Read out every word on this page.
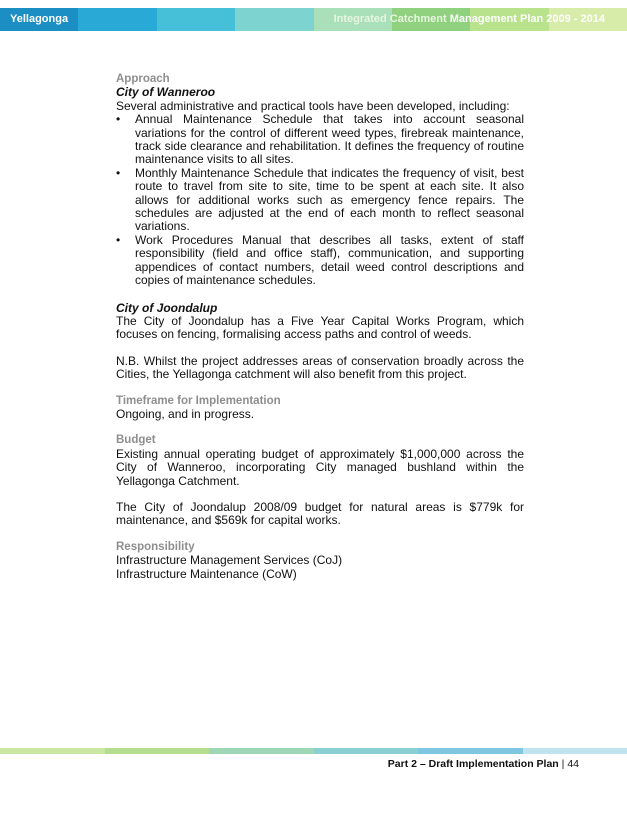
Yellagonga	Integrated Catchment Management Plan 2009 - 2014
Approach
City of Wanneroo

Several administrative and practical tools have been developed, including:

• Annual Maintenance Schedule that takes into account seasonal variations for the control of different weed types, firebreak maintenance, track side clearance and rehabilitation. It defines the frequency of routine maintenance visits to all sites.
• Monthly Maintenance Schedule that indicates the frequency of visit, best route to travel from site to site, time to be spent at each site. It also allows for additional works such as emergency fence repairs. The schedules are adjusted at the end of each month to reflect seasonal variations.
• Work Procedures Manual that describes all tasks, extent of staff responsibility (field and office staff), communication, and supporting appendices of contact numbers, detail weed control descriptions and copies of maintenance schedules.
City of Joondalup

The City of Joondalup has a Five Year Capital Works Program, which focuses on fencing, formalising access paths and control of weeds.

N.B. Whilst the project addresses areas of conservation broadly across the Cities, the Yellagonga catchment will also benefit from this project.

Timeframe for Implementation

Ongoing, and in progress.

Budget

Existing annual operating budget of approximately $1,000,000 across the City of Wanneroo, incorporating City managed bushland within the Yellagonga Catchment.

The City of Joondalup 2008/09 budget for natural areas is $779k for maintenance, and $569k for capital works.

Responsibility

Infrastructure Management Services (CoJ)

Infrastructure Maintenance (CoW)

Part 2 – Draft Implementation Plan | 44
